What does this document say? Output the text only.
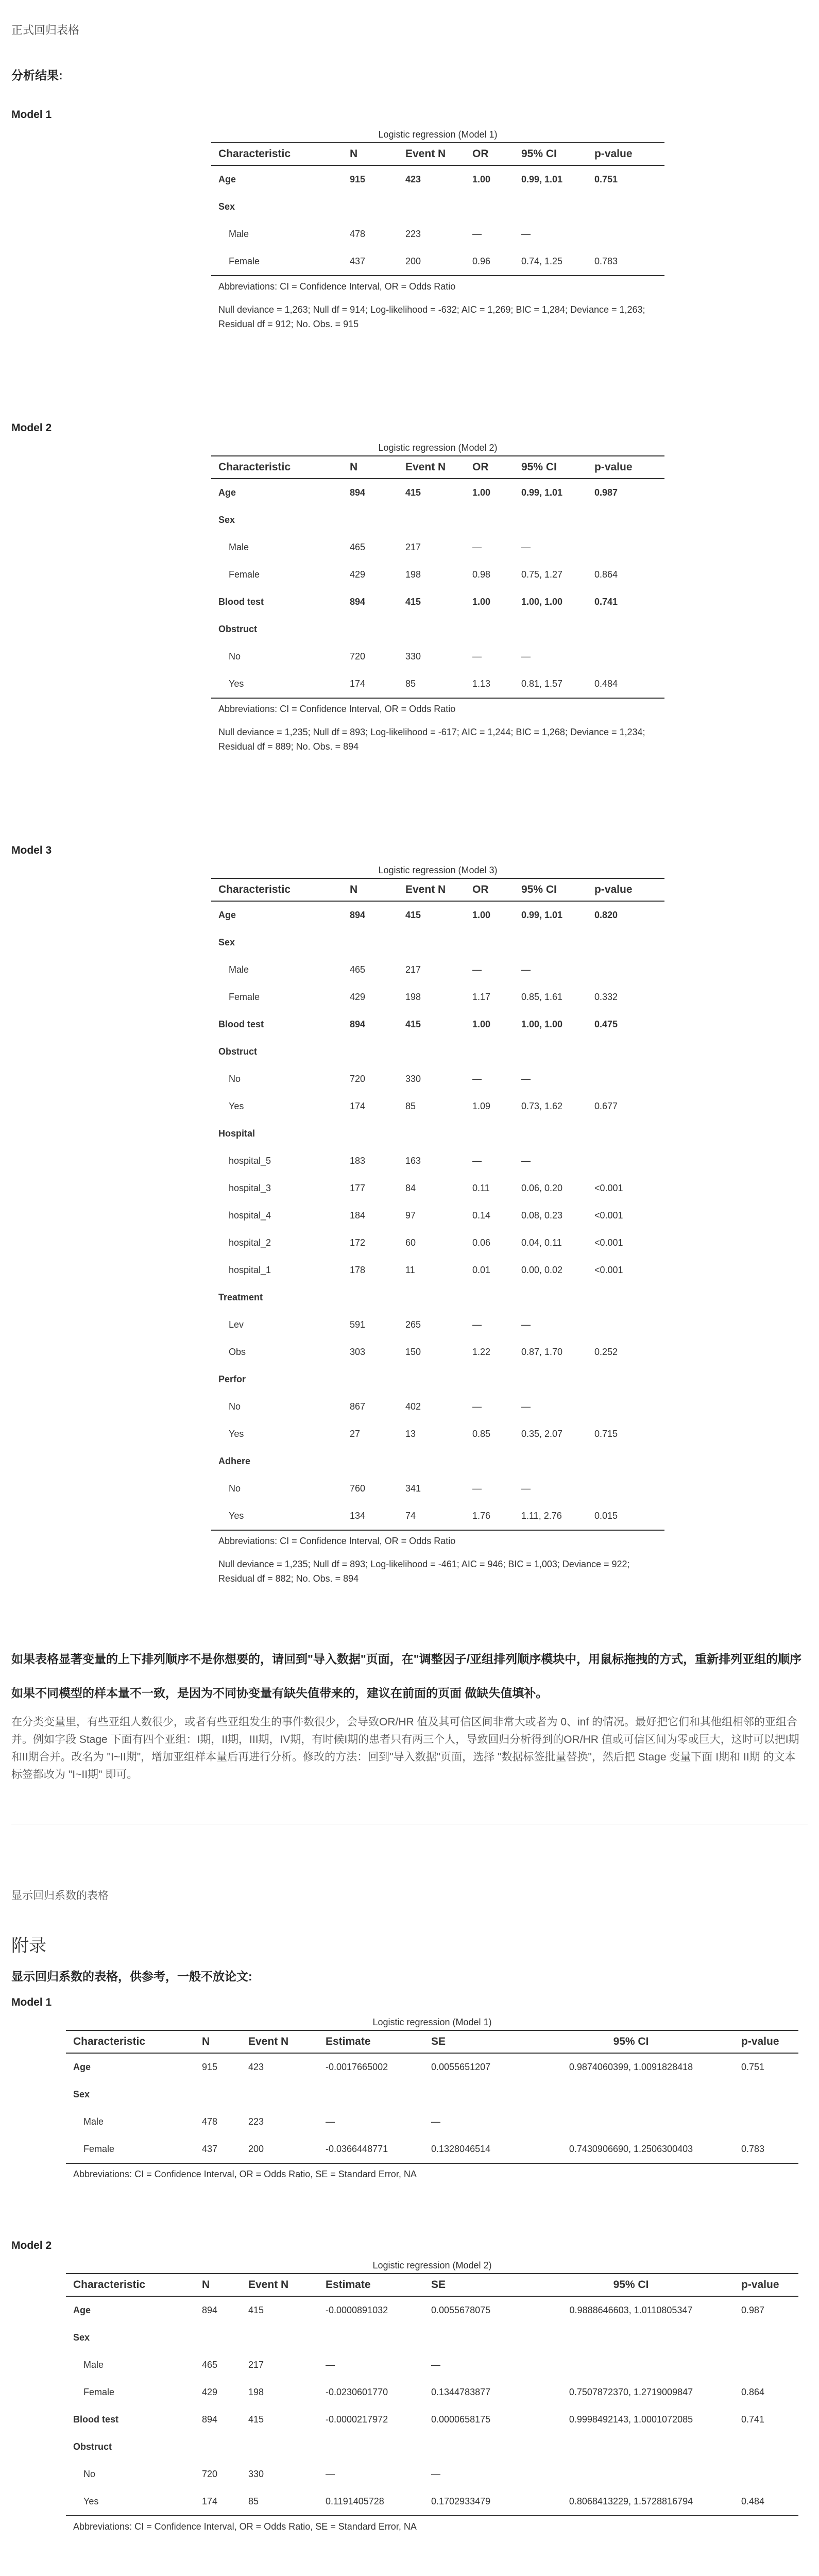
正式回归表格

分析结果:

Model 1

Logistic regression (Model 1)
Characteristic	N	Event N	OR	95% CI	p-value
Age	915	423	1.00	0.99, 1.01	0.751
Sex					
Male	478	223	—	—	
Female	437	200	0.96	0.74, 1.25	0.783
Abbreviations: CI = Confidence Interval, OR = Odds Ratio					
Null deviance = 1,263; Null df = 914; Log-likelihood = -632; AIC = 1,269; BIC = 1,284; Deviance = 1,263; Residual df = 912; No. Obs. = 915					

Model 2

Logistic regression (Model 2)
Characteristic	N	Event N	OR	95% CI	p-value
Age	894	415	1.00	0.99, 1.01	0.987
Sex					
Male	465	217	—	—	
Female	429	198	0.98	0.75, 1.27	0.864
Blood test	894	415	1.00	1.00, 1.00	0.741
Obstruct					
No	720	330	—	—	
Yes	174	85	1.13	0.81, 1.57	0.484
Abbreviations: CI = Confidence Interval, OR = Odds Ratio					
Null deviance = 1,235; Null df = 893; Log-likelihood = -617; AIC = 1,244; BIC = 1,268; Deviance = 1,234; Residual df = 889; No. Obs. = 894					

Model 3

Logistic regression (Model 3)
Characteristic	N	Event N	OR	95% CI	p-value
Age	894	415	1.00	0.99, 1.01	0.820
Sex					
Male	465	217	—	—	
Female	429	198	1.17	0.85, 1.61	0.332
Blood test	894	415	1.00	1.00, 1.00	0.475
Obstruct					
No	720	330	—	—	
Yes	174	85	1.09	0.73, 1.62	0.677
Hospital					
hospital_5	183	163	—	—	
hospital_3	177	84	0.11	0.06, 0.20	<0.001
hospital_4	184	97	0.14	0.08, 0.23	<0.001
hospital_2	172	60	0.06	0.04, 0.11	<0.001
hospital_1	178	11	0.01	0.00, 0.02	<0.001
Treatment					
Lev	591	265	—	—	
Obs	303	150	1.22	0.87, 1.70	0.252
Perfor					
No	867	402	—	—	
Yes	27	13	0.85	0.35, 2.07	0.715
Adhere					
No	760	341	—	—	
Yes	134	74	1.76	1.11, 2.76	0.015
Abbreviations: CI = Confidence Interval, OR = Odds Ratio					
Null deviance = 1,235; Null df = 893; Log-likelihood = -461; AIC = 946; BIC = 1,003; Deviance = 922; Residual df = 882; No. Obs. = 894					

如果表格显著变量的上下排列顺序不是你想要的，请回到"导入数据"页面，在"调整因子/亚组排列顺序模块中，用鼠标拖拽的方式，重新排列亚组的顺序

如果不同模型的样本量不一致，是因为不同协变量有缺失值带来的，建议在前面的页面 做缺失值填补。

在分类变量里，有些亚组人数很少，或者有些亚组发生的事件数很少，会导致OR/HR 值及其可信区间非常大或者为 0、inf 的情况。最好把它们和其他组相邻的亚组合并。例如字段 Stage 下面有四个亚组：I期，II期，III期，IV期，有时候I期的患者只有两三个人，导致回归分析得到的OR/HR 值或可信区间为零或巨大，这时可以把I期和II期合并。改名为 "I~II期"，增加亚组样本量后再进行分析。修改的方法：回到"导入数据"页面，选择 "数据标签批量替换"，然后把 Stage 变量下面 I期和 II期 的文本标签都改为 "I~II期" 即可。

显示回归系数的表格

附录

显示回归系数的表格，供参考，一般不放论文:

Model 1

Logistic regression (Model 1)
Characteristic	N	Event N	Estimate	SE	95% CI	p-value
Age	915	423	-0.0017665002	0.0055651207	0.9874060399, 1.0091828418	0.751
Sex						
Male	478	223	—	—		
Female	437	200	-0.0366448771	0.1328046514	0.7430906690, 1.2506300403	0.783
Abbreviations: CI = Confidence Interval, OR = Odds Ratio, SE = Standard Error, NA						

Model 2

Logistic regression (Model 2)
Characteristic	N	Event N	Estimate	SE	95% CI	p-value
Age	894	415	-0.0000891032	0.0055678075	0.9888646603, 1.0110805347	0.987
Sex						
Male	465	217	—	—		
Female	429	198	-0.0230601770	0.1344783877	0.7507872370, 1.2719009847	0.864
Blood test	894	415	-0.0000217972	0.0000658175	0.9998492143, 1.0001072085	0.741
Obstruct						
No	720	330	—	—		
Yes	174	85	0.1191405728	0.1702933479	0.8068413229, 1.5728816794	0.484
Abbreviations: CI = Confidence Interval, OR = Odds Ratio, SE = Standard Error, NA						
